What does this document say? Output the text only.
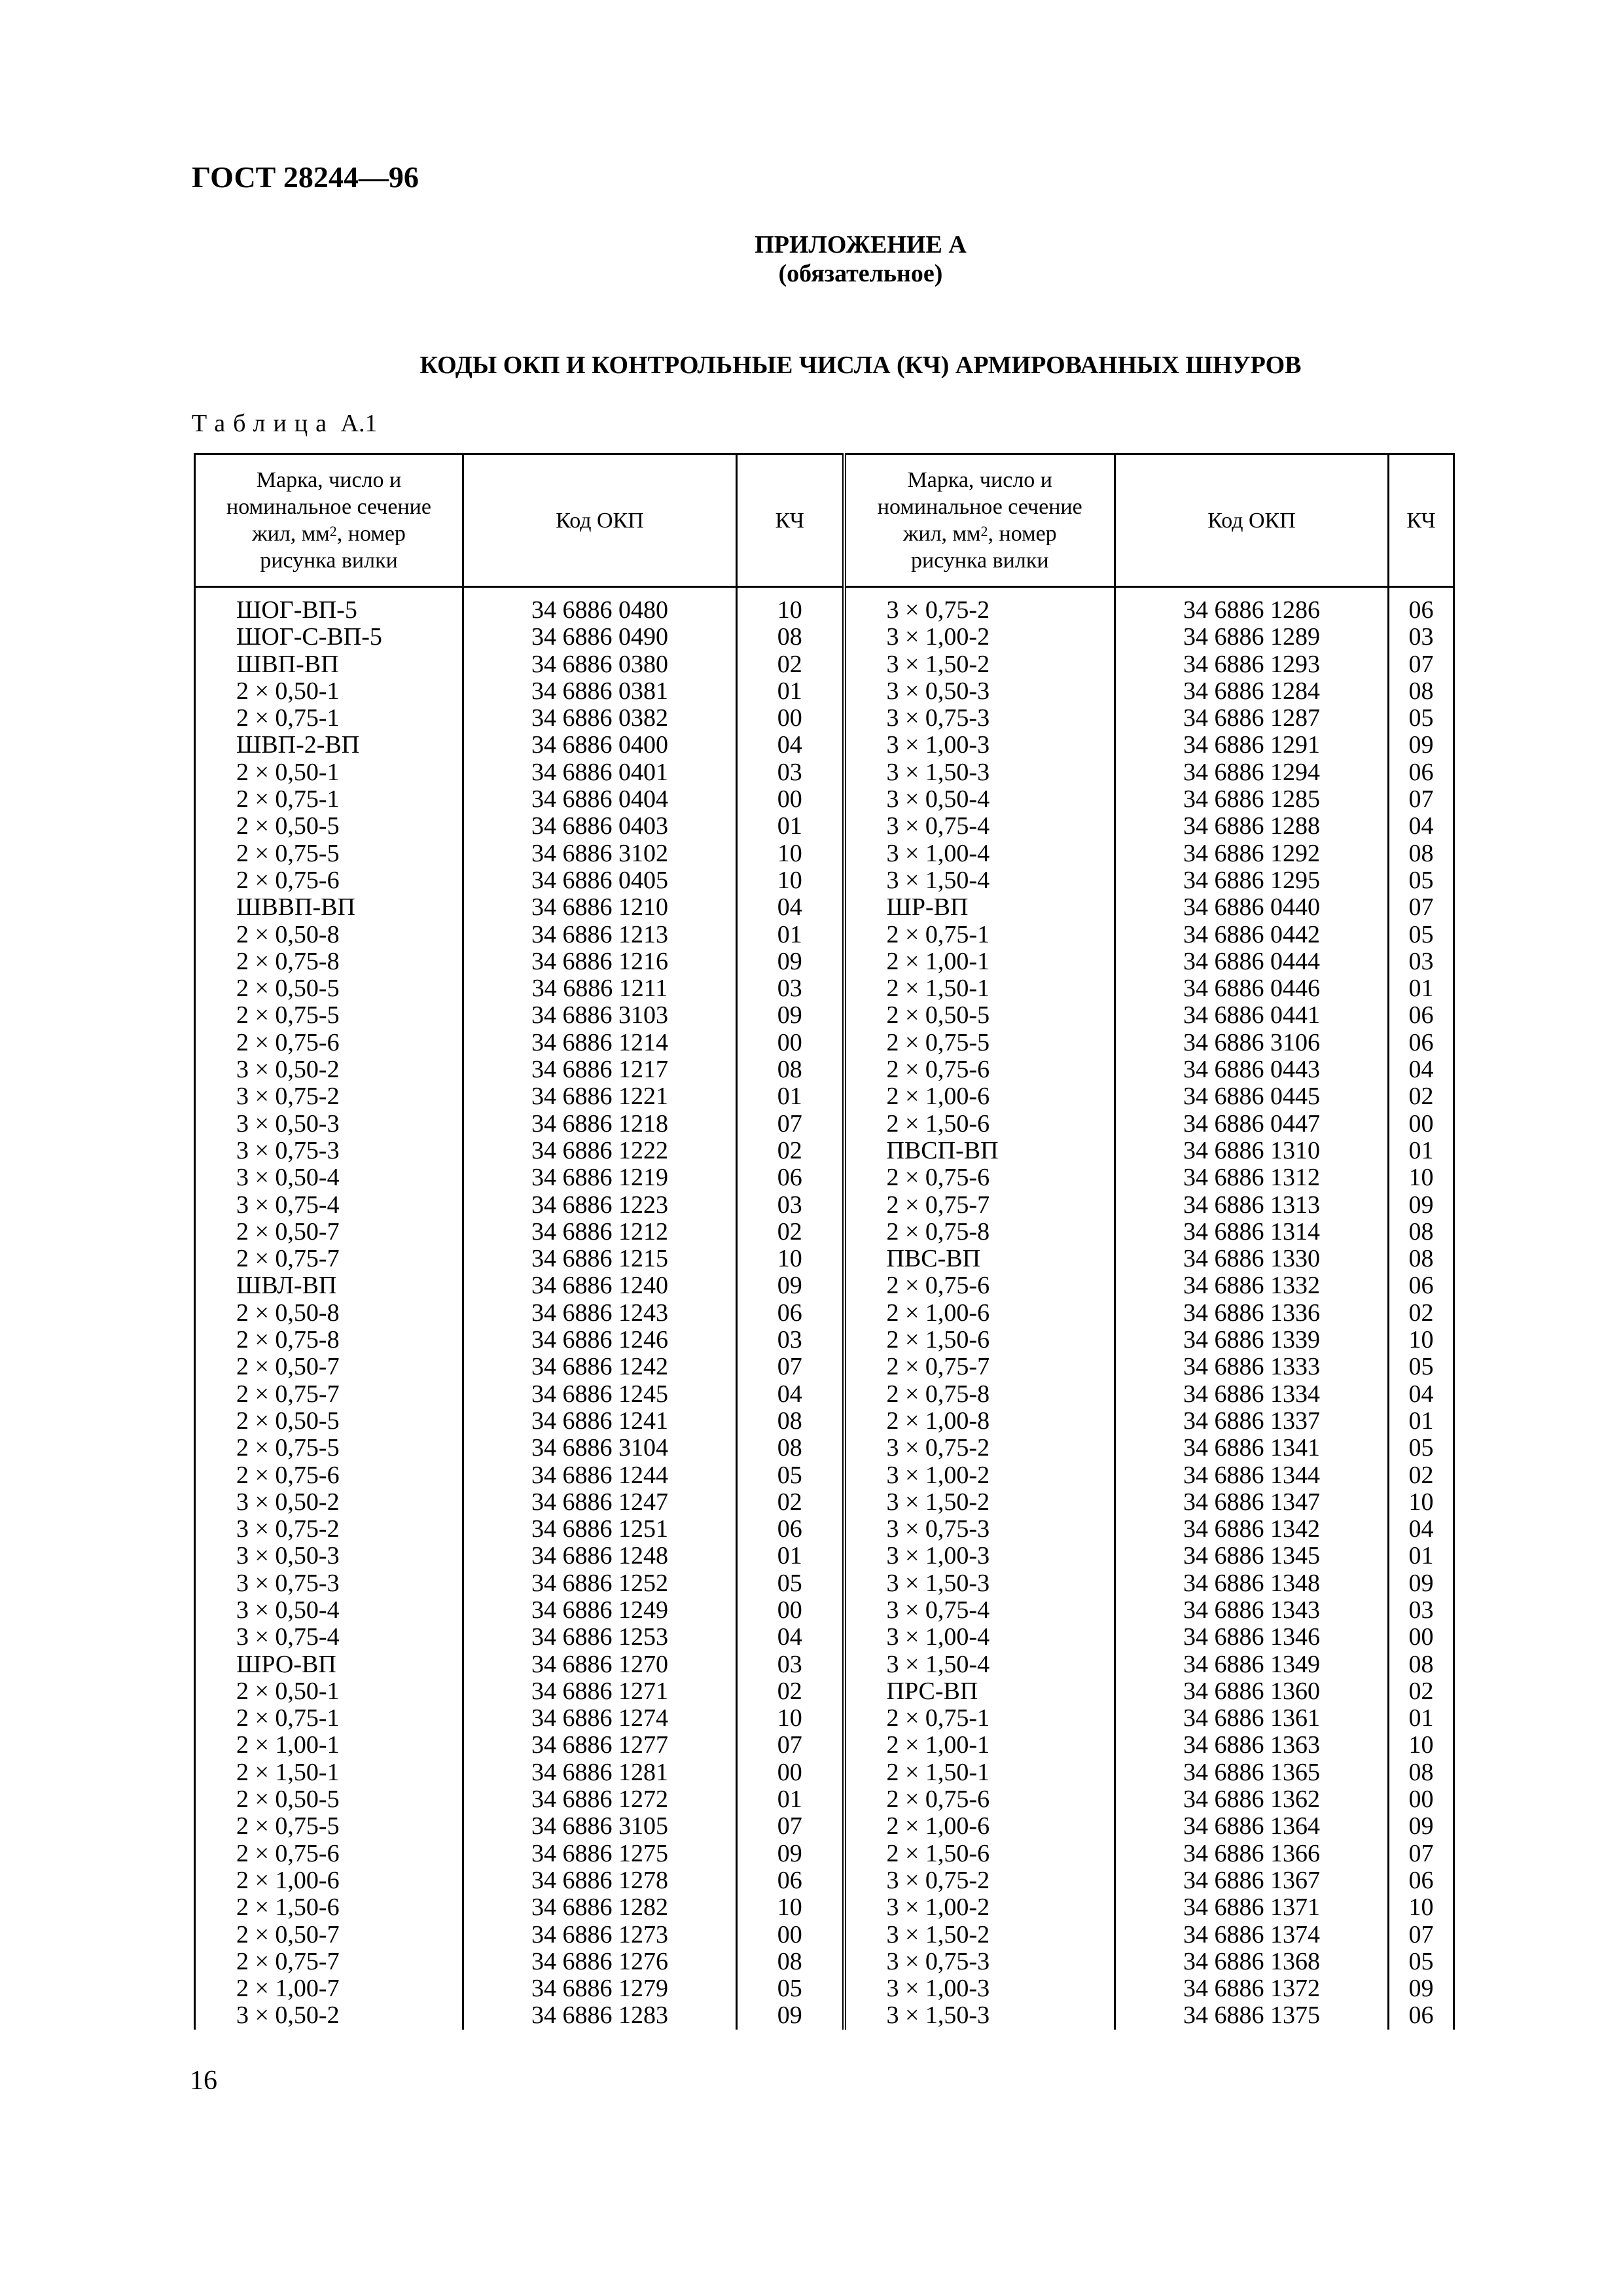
ГОСТ 28244—96
ПРИЛОЖЕНИЕ А
(обязательное)
КОДЫ ОКП И КОНТРОЛЬНЫЕ ЧИСЛА (КЧ) АРМИРОВАННЫХ ШНУРОВ
Таблица А.1
Марка, число и
номинальное сечение
жил, $мм^2$, номер
рисунка вилки	Код ОКП	КЧ	Марка, число и
номинальное сечение
жил, $мм^2$, номер
рисунка вилки	Код ОКП	КЧ
ШОГ-ВП-5	34 6886 0480	10	3 × 0,75-2	34 6886 1286	06
ШОГ-С-ВП-5	34 6886 0490	08	3 × 1,00-2	34 6886 1289	03
ШВП-ВП	34 6886 0380	02	3 × 1,50-2	34 6886 1293	07
2 × 0,50-1	34 6886 0381	01	3 × 0,50-3	34 6886 1284	08
2 × 0,75-1	34 6886 0382	00	3 × 0,75-3	34 6886 1287	05
ШВП-2-ВП	34 6886 0400	04	3 × 1,00-3	34 6886 1291	09
2 × 0,50-1	34 6886 0401	03	3 × 1,50-3	34 6886 1294	06
2 × 0,75-1	34 6886 0404	00	3 × 0,50-4	34 6886 1285	07
2 × 0,50-5	34 6886 0403	01	3 × 0,75-4	34 6886 1288	04
2 × 0,75-5	34 6886 3102	10	3 × 1,00-4	34 6886 1292	08
2 × 0,75-6	34 6886 0405	10	3 × 1,50-4	34 6886 1295	05
ШВВП-ВП	34 6886 1210	04	ШР-ВП	34 6886 0440	07
2 × 0,50-8	34 6886 1213	01	2 × 0,75-1	34 6886 0442	05
2 × 0,75-8	34 6886 1216	09	2 × 1,00-1	34 6886 0444	03
2 × 0,50-5	34 6886 1211	03	2 × 1,50-1	34 6886 0446	01
2 × 0,75-5	34 6886 3103	09	2 × 0,50-5	34 6886 0441	06
2 × 0,75-6	34 6886 1214	00	2 × 0,75-5	34 6886 3106	06
3 × 0,50-2	34 6886 1217	08	2 × 0,75-6	34 6886 0443	04
3 × 0,75-2	34 6886 1221	01	2 × 1,00-6	34 6886 0445	02
3 × 0,50-3	34 6886 1218	07	2 × 1,50-6	34 6886 0447	00
3 × 0,75-3	34 6886 1222	02	ПВСП-ВП	34 6886 1310	01
3 × 0,50-4	34 6886 1219	06	2 × 0,75-6	34 6886 1312	10
3 × 0,75-4	34 6886 1223	03	2 × 0,75-7	34 6886 1313	09
2 × 0,50-7	34 6886 1212	02	2 × 0,75-8	34 6886 1314	08
2 × 0,75-7	34 6886 1215	10	ПВС-ВП	34 6886 1330	08
ШВЛ-ВП	34 6886 1240	09	2 × 0,75-6	34 6886 1332	06
2 × 0,50-8	34 6886 1243	06	2 × 1,00-6	34 6886 1336	02
2 × 0,75-8	34 6886 1246	03	2 × 1,50-6	34 6886 1339	10
2 × 0,50-7	34 6886 1242	07	2 × 0,75-7	34 6886 1333	05
2 × 0,75-7	34 6886 1245	04	2 × 0,75-8	34 6886 1334	04
2 × 0,50-5	34 6886 1241	08	2 × 1,00-8	34 6886 1337	01
2 × 0,75-5	34 6886 3104	08	3 × 0,75-2	34 6886 1341	05
2 × 0,75-6	34 6886 1244	05	3 × 1,00-2	34 6886 1344	02
3 × 0,50-2	34 6886 1247	02	3 × 1,50-2	34 6886 1347	10
3 × 0,75-2	34 6886 1251	06	3 × 0,75-3	34 6886 1342	04
3 × 0,50-3	34 6886 1248	01	3 × 1,00-3	34 6886 1345	01
3 × 0,75-3	34 6886 1252	05	3 × 1,50-3	34 6886 1348	09
3 × 0,50-4	34 6886 1249	00	3 × 0,75-4	34 6886 1343	03
3 × 0,75-4	34 6886 1253	04	3 × 1,00-4	34 6886 1346	00
ШРО-ВП	34 6886 1270	03	3 × 1,50-4	34 6886 1349	08
2 × 0,50-1	34 6886 1271	02	ПРС-ВП	34 6886 1360	02
2 × 0,75-1	34 6886 1274	10	2 × 0,75-1	34 6886 1361	01
2 × 1,00-1	34 6886 1277	07	2 × 1,00-1	34 6886 1363	10
2 × 1,50-1	34 6886 1281	00	2 × 1,50-1	34 6886 1365	08
2 × 0,50-5	34 6886 1272	01	2 × 0,75-6	34 6886 1362	00
2 × 0,75-5	34 6886 3105	07	2 × 1,00-6	34 6886 1364	09
2 × 0,75-6	34 6886 1275	09	2 × 1,50-6	34 6886 1366	07
2 × 1,00-6	34 6886 1278	06	3 × 0,75-2	34 6886 1367	06
2 × 1,50-6	34 6886 1282	10	3 × 1,00-2	34 6886 1371	10
2 × 0,50-7	34 6886 1273	00	3 × 1,50-2	34 6886 1374	07
2 × 0,75-7	34 6886 1276	08	3 × 0,75-3	34 6886 1368	05
2 × 1,00-7	34 6886 1279	05	3 × 1,00-3	34 6886 1372	09
3 × 0,50-2	34 6886 1283	09	3 × 1,50-3	34 6886 1375	06
16
